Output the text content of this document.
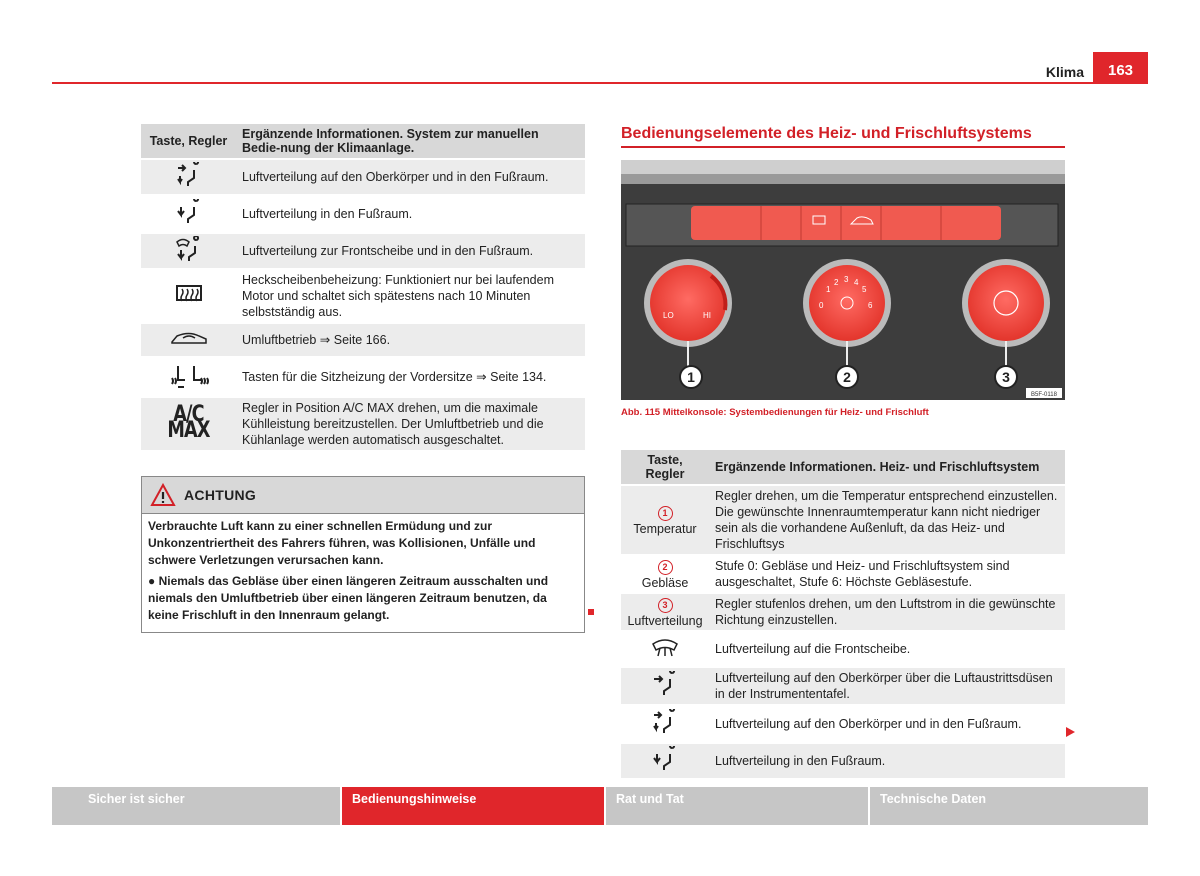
Klima	163
Taste, Regler	Ergänzende Informationen. System zur manuellen Bedie-nung der Klimaanlage.
	Luftverteilung auf den Oberkörper und in den Fußraum.
	Luftverteilung in den Fußraum.
	Luftverteilung zur Frontscheibe und in den Fußraum.
	Heckscheibenbeheizung: Funktioniert nur bei laufendem Motor und schaltet sich spätestens nach 10 Minuten selbstständig aus.
	Umluftbetrieb ⇒ Seite 166.
	Tasten für die Sitzheizung der Vordersitze ⇒ Seite 134.
A/C MAX	Regler in Position A/C MAX drehen, um die maximale Kühlleistung bereitzustellen. Der Umluftbetrieb und die Kühlanlage werden automatisch ausgeschaltet.
ACHTUNG

Verbrauchte Luft kann zu einer schnellen Ermüdung und zur Unkonzentriertheit des Fahrers führen, was Kollisionen, Unfälle und schwere Verletzungen verursachen kann.

● Niemals das Gebläse über einen längeren Zeitraum ausschalten und niemals den Umluftbetrieb über einen längeren Zeitraum benutzen, da keine Frischluft in den Innenraum gelangt.

Bedienungselemente des Heiz- und Frischluftsystems
LO	HI
0
1
2 3 4
5
6
1	2	3
B5F-0118
Abb. 115 Mittelkonsole: Systembedienungen für Heiz- und Frischluft
Taste, Regler	Ergänzende Informationen. Heiz- und Frischluftsystem
1
Temperatur	Regler drehen, um die Temperatur entsprechend einzustellen. Die gewünschte Innenraumtemperatur kann nicht niedriger sein als die vorhandene Außenluft, da das Heiz- und Frischluftsys

2
Gebläse	Stufe 0: Gebläse und Heiz- und Frischluftsystem sind ausgeschaltet, Stufe 6: Höchste Gebläsestufe.
3
Luftverteilung	Regler stufenlos drehen, um den Luftstrom in die gewünschte Richtung einzustellen.
	Luftverteilung auf die Frontscheibe.
	Luftverteilung auf den Oberkörper über die Luftaustrittsdüsen in der Instrumententafel.
	Luftverteilung auf den Oberkörper und in den Fußraum.
	Luftverteilung in den Fußraum.
Sicher ist sicher	Bedienungshinweise	Rat und Tat	Technische Daten
